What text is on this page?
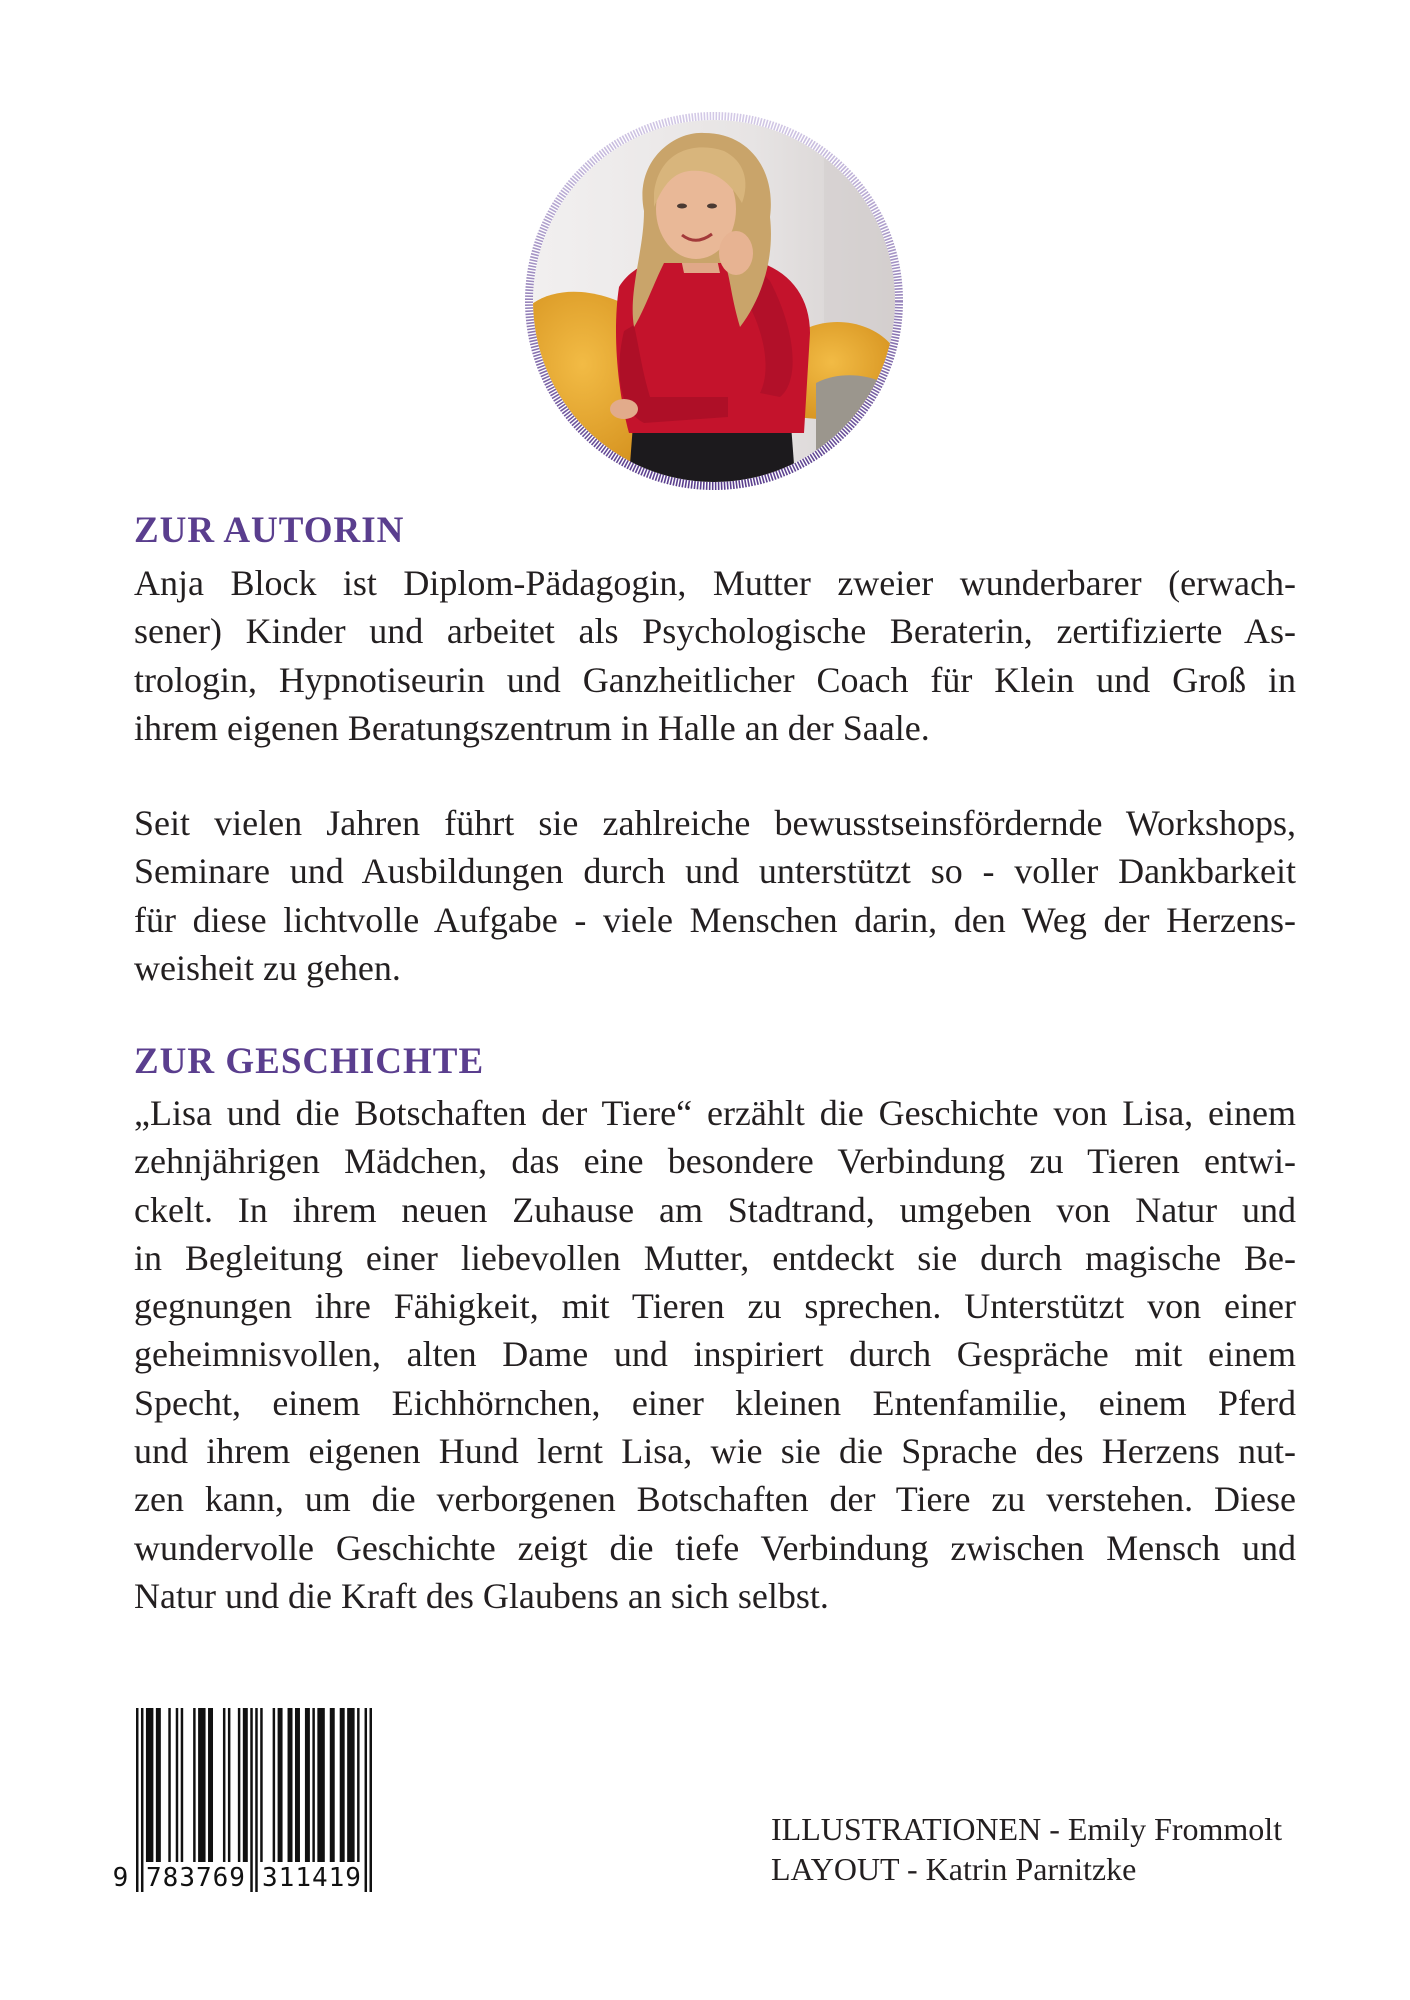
ZUR AUTORIN
Anja Block ist Diplom-Pädagogin, Mutter zweier wunderbarer (erwach-
sener) Kinder und arbeitet als Psychologische Beraterin, zertifizierte As-
trologin, Hypnotiseurin und Ganzheitlicher Coach für Klein und Groß in
ihrem eigenen Beratungszentrum in Halle an der Saale.
Seit vielen Jahren führt sie zahlreiche bewusstseinsfördernde Workshops,
Seminare und Ausbildungen durch und unterstützt so - voller Dankbarkeit
für diese lichtvolle Aufgabe - viele Menschen darin, den Weg der Herzens-
weisheit zu gehen.
ZUR GESCHICHTE
„Lisa und die Botschaften der Tiere“ erzählt die Geschichte von Lisa, einem
zehnjährigen Mädchen, das eine besondere Verbindung zu Tieren entwi-
ckelt. In ihrem neuen Zuhause am Stadtrand, umgeben von Natur und
in Begleitung einer liebevollen Mutter, entdeckt sie durch magische Be-
gegnungen ihre Fähigkeit, mit Tieren zu sprechen. Unterstützt von einer
geheimnisvollen, alten Dame und inspiriert durch Gespräche mit einem
Specht, einem Eichhörnchen, einer kleinen Entenfamilie, einem Pferd
und ihrem eigenen Hund lernt Lisa, wie sie die Sprache des Herzens nut-
zen kann, um die verborgenen Botschaften der Tiere zu verstehen. Diese
wundervolle Geschichte zeigt die tiefe Verbindung zwischen Mensch und
Natur und die Kraft des Glaubens an sich selbst.
9 783769 311419
ILLUSTRATIONEN - Emily Frommolt
LAYOUT - Katrin Parnitzke
